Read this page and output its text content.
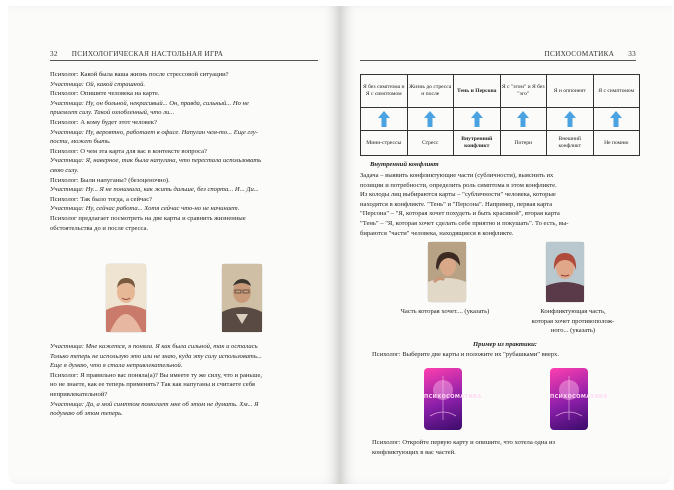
32 ПСИХОЛОГИЧЕСКАЯ НАСТОЛЬНАЯ ИГРА
Психолог: Какой была ваша жизнь после стрессовой ситуации?
Участница: Ой, какой страшной.
Психолог: Опишите человека на карте.
Участница: Ну, он больной, некрасивый... Он, правда, сильный... Но не
приемлет силу. Такой озлобленный, что ли...
Психолог: А кому будет этот человек?
Участница: Ну, вероятно, работает в офисе. Напуган чем-то... Еще глу-
пости, может быть.
Психолог: О чем эта карта для вас в контексте вопроса?
Участница: Я, наверное, так была напугана, что перестала использовать
свою силу.
Психолог: Были напуганы? (безоценочно).
Участница: Ну... Я не понимала, как жить дальше, без спорта... И... Ди...
Психолог: Так было тогда, а сейчас?
Участница: Ну, сейчас работа... Хотя сейчас что-но не начинает.
Психолог предлагает посмотреть на две карты и сравнить жизненные
обстоятельства до и после стресса.
Участница: Мне кажется, я поняла. Я как была сильной, так и осталась
Только теперь не использую это или не знаю, куда эту силу использовать...
Еще я думаю, что я стала непривлекательной.
Психолог: Я правильно вас поняла(а)? Вы имеете ту же силу, что и раньше,
но не знаете, как ее теперь применять? Так как напуганы и считаете себя
непривлекательной?
Участница: Да, а мой симптом помогает мне об этом не думать. Хм... Я
подумаю об этом теперь.
ПСИХОСОМАТИКА 33
Я без симптома и Я с симптомом	Жизнь до стресса и после	Тень и Персона	Я с "эгом" и Я без "эго"	Я и оппонент	Я с симптомом

Мини-стрессы	Стресс	Внутренний конфликт	Потери	Внешний конфликт	Не помню
Внутренний конфликт
Задача – выявить конфликтующие части (субличности), выяснить их
позиции и потребности, определить роль симптома в этом конфликте.
Из колоды лиц выбираются карты – "субличности" человека, которые
находятся в конфликте. "Тень" и "Персона". Например, первая карта
"Персона" – "Я, которая хочет похудеть и быть красивой", вторая карта
"Тень" – "Я, которая хочет сделать себе приятно и покушать". То есть, вы-
бираются "части" человека, находящиеся в конфликте.
Часть которая хочет.... (указать)	Конфликтующая часть,
которая хочет противополож-
ного... (указать)
Пример из практики:
Психолог: Выберите две карты и положите их "рубашками" вверх.
ПСИХОСОМАТИКА	ПСИХОСОМАТИКА
Психолог: Откройте первую карту и опишите, что хотела одна из
конфликтующих в вас частей.
